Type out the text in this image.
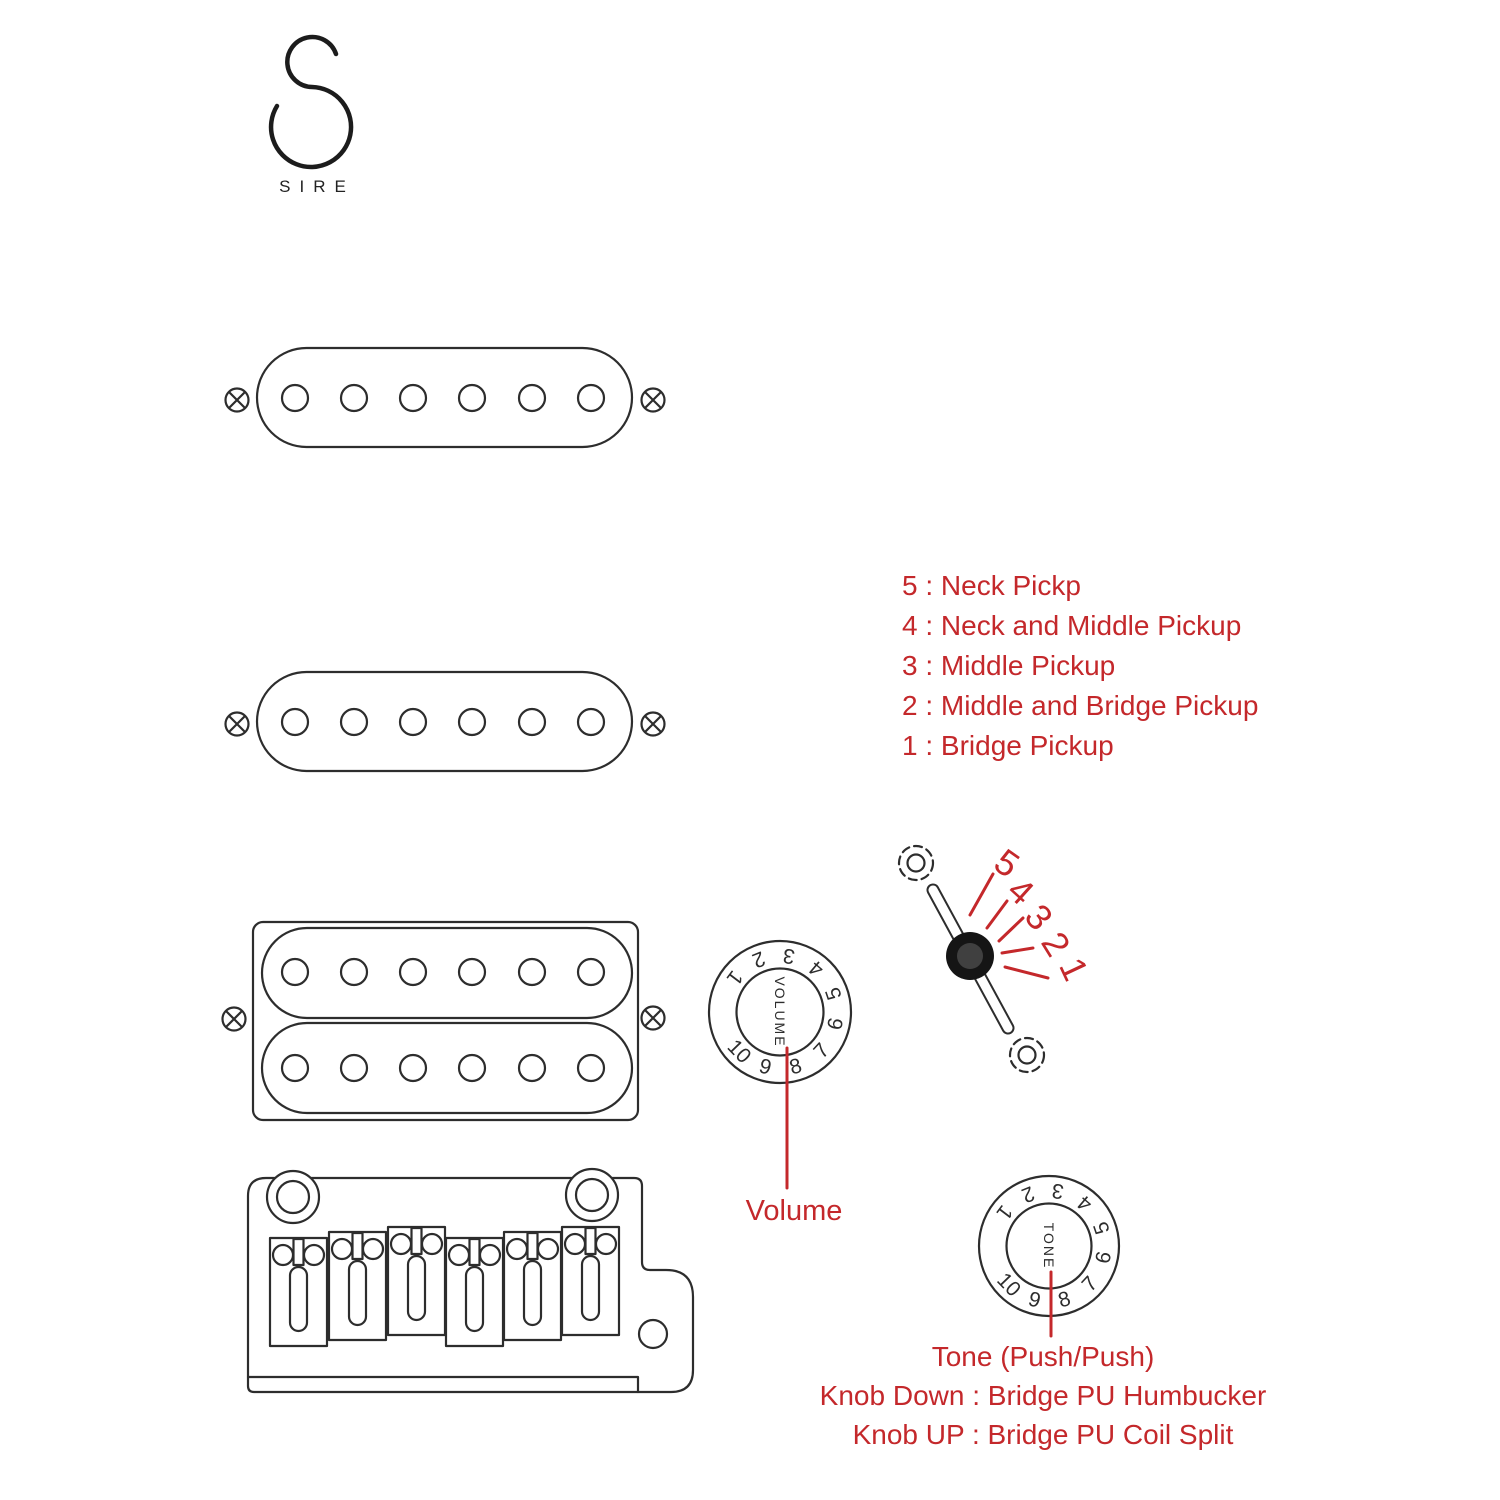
SIRE
VOLUME
1
2 3
4
5
6
7
8
9
10
TONE
1
2 3 4
5
6
7
8
9
10
5
4
3
2
1
5 : Neck Pickp
4 : Neck and Middle Pickup
3 : Middle Pickup
2 : Middle and Bridge Pickup
1 : Bridge Pickup
Volume
Tone (Push/Push)
Knob Down : Bridge PU Humbucker
Knob UP : Bridge PU Coil Split
